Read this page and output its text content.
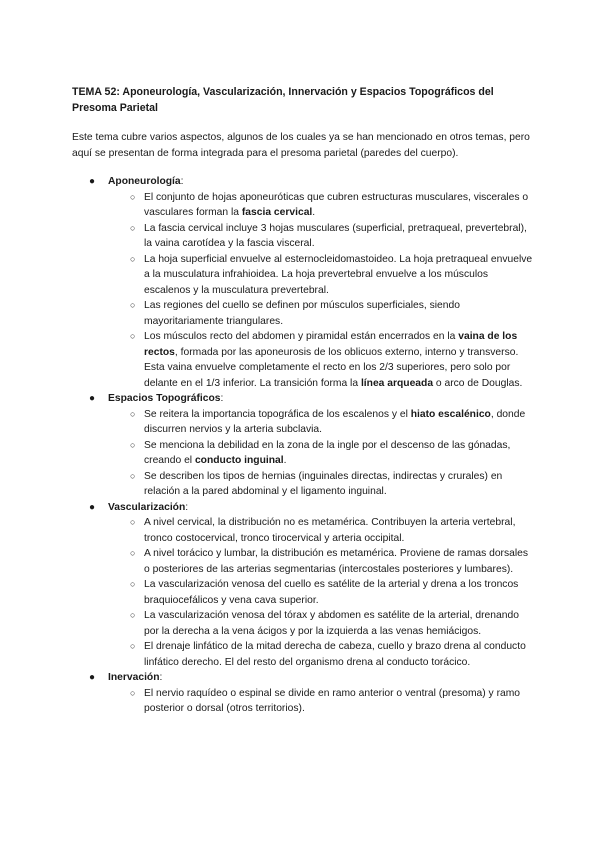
TEMA 52: Aponeurología, Vascularización, Innervación y Espacios Topográficos del Presoma Parietal
Este tema cubre varios aspectos, algunos de los cuales ya se han mencionado en otros temas, pero aquí se presentan de forma integrada para el presoma parietal (paredes del cuerpo).
● Aponeurología:
○ El conjunto de hojas aponeuróticas que cubren estructuras musculares, viscerales o vasculares forman la fascia cervical.
○ La fascia cervical incluye 3 hojas musculares (superficial, pretraqueal, prevertebral), la vaina carotídea y la fascia visceral.
○ La hoja superficial envuelve al esternocleidomastoideo. La hoja pretraqueal envuelve a la musculatura infrahioidea. La hoja prevertebral envuelve a los músculos escalenos y la musculatura prevertebral.
○ Las regiones del cuello se definen por músculos superficiales, siendo mayoritariamente triangulares.
○ Los músculos recto del abdomen y piramidal están encerrados en la vaina de los rectos, formada por las aponeurosis de los oblicuos externo, interno y transverso. Esta vaina envuelve completamente el recto en los 2/3 superiores, pero solo por delante en el 1/3 inferior. La transición forma la línea arqueada o arco de Douglas.
● Espacios Topográficos:
○ Se reitera la importancia topográfica de los escalenos y el hiato escalénico, donde discurren nervios y la arteria subclavia.
○ Se menciona la debilidad en la zona de la ingle por el descenso de las gónadas, creando el conducto inguinal.
○ Se describen los tipos de hernias (inguinales directas, indirectas y crurales) en relación a la pared abdominal y el ligamento inguinal.
● Vascularización:
○ A nivel cervical, la distribución no es metamérica. Contribuyen la arteria vertebral, tronco costocervical, tronco tirocervical y arteria occipital.
○ A nivel torácico y lumbar, la distribución es metamérica. Proviene de ramas dorsales o posteriores de las arterias segmentarias (intercostales posteriores y lumbares).
○ La vascularización venosa del cuello es satélite de la arterial y drena a los troncos braquiocefálicos y vena cava superior.
○ La vascularización venosa del tórax y abdomen es satélite de la arterial, drenando por la derecha a la vena ácigos y por la izquierda a las venas hemiácigos.
○ El drenaje linfático de la mitad derecha de cabeza, cuello y brazo drena al conducto linfático derecho. El del resto del organismo drena al conducto torácico.
● Inervación:
○ El nervio raquídeo o espinal se divide en ramo anterior o ventral (presoma) y ramo posterior o dorsal (otros territorios).
